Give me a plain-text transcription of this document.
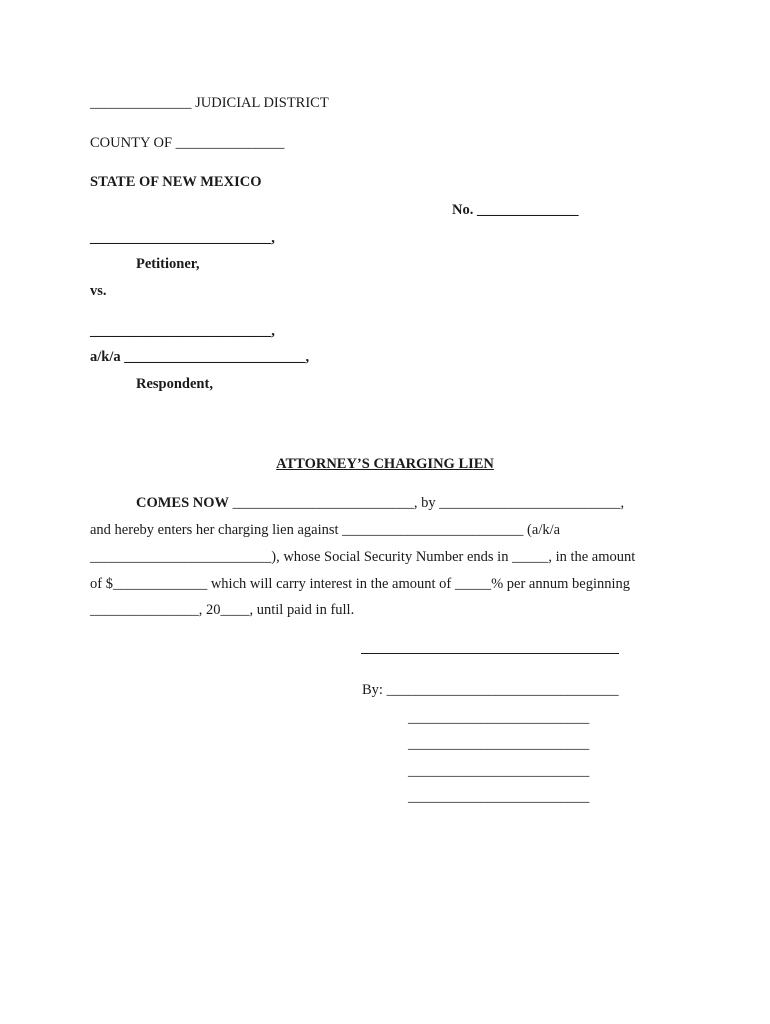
______________ JUDICIAL DISTRICT
COUNTY OF _______________
STATE OF NEW MEXICO
No. ______________
_________________________,
Petitioner,
vs.
_________________________,
a/k/a _________________________,
Respondent,
ATTORNEY’S CHARGING LIEN
COMES NOW _________________________, by _________________________,
and hereby enters her charging lien against _________________________ (a/k/a
_________________________), whose Social Security Number ends in _____, in the amount
of $_____________ which will carry interest in the amount of _____% per annum beginning
_______________, 20____, until paid in full.
By: ________________________________
_________________________
_________________________
_________________________
_________________________
